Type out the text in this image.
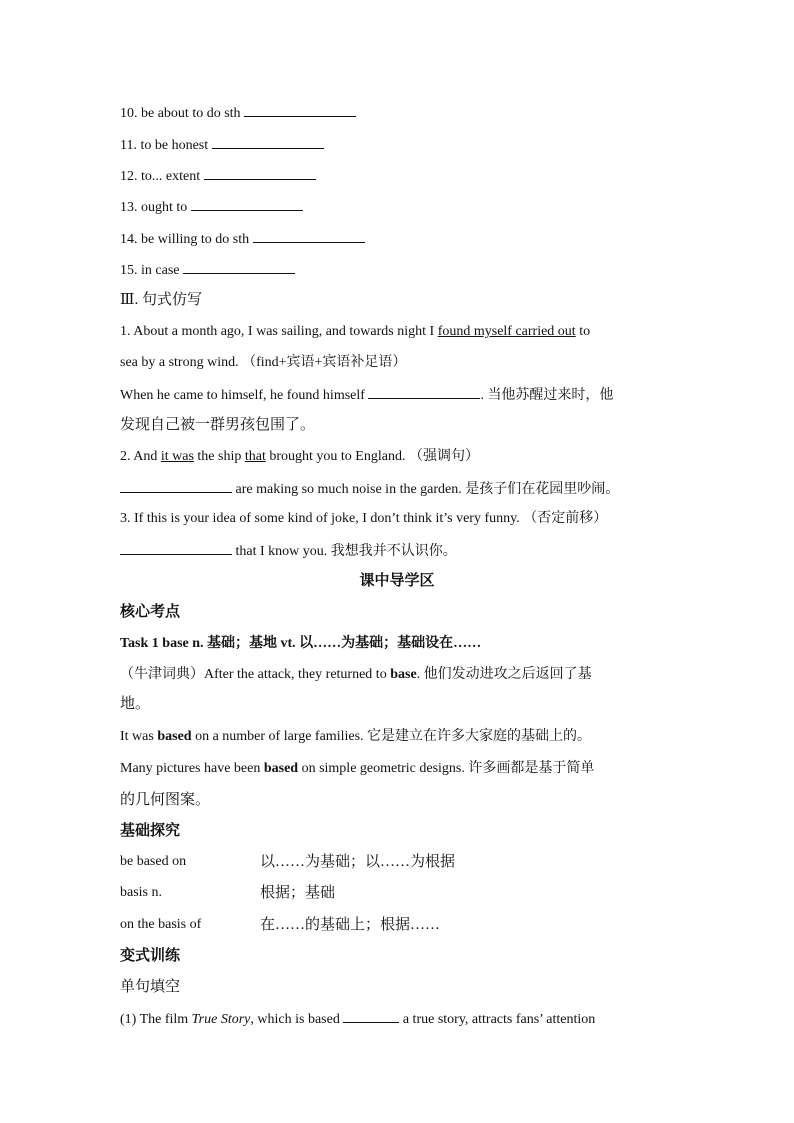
10. be about to do sth
11. to be honest
12. to... extent
13. ought to
14. be willing to do sth
15. in case
Ⅲ. 句式仿写
1. About a month ago, I was sailing, and towards night I found myself carried out to
sea by a strong wind. （find+宾语+宾语补足语）
When he came to himself, he found himself	. 当他苏醒过来时，他
发现自己被一群男孩包围了。
2. And it was the ship that brought you to England. （强调句）
are making so much noise in the garden. 是孩子们在花园里吵闹。
3. If this is your idea of some kind of joke, I don’t think it’s very funny. （否定前移）
that I know you. 我想我并不认识你。
课中导学区
核心考点
Task 1 base n. 基础；基地 vt. 以……为基础；基础设在……
（牛津词典）After the attack, they returned to base. 他们发动进攻之后返回了基
地。
It was based on a number of large families. 它是建立在许多大家庭的基础上的。
Many pictures have been based on simple geometric designs. 许多画都是基于简单
的几何图案。
基础探究
be based on	以……为基础；以……为根据
basis n.	根据；基础
on the basis of	在……的基础上；根据……
变式训练
单句填空
(1) The film True Story, which is based	a true story, attracts fans’ attention
